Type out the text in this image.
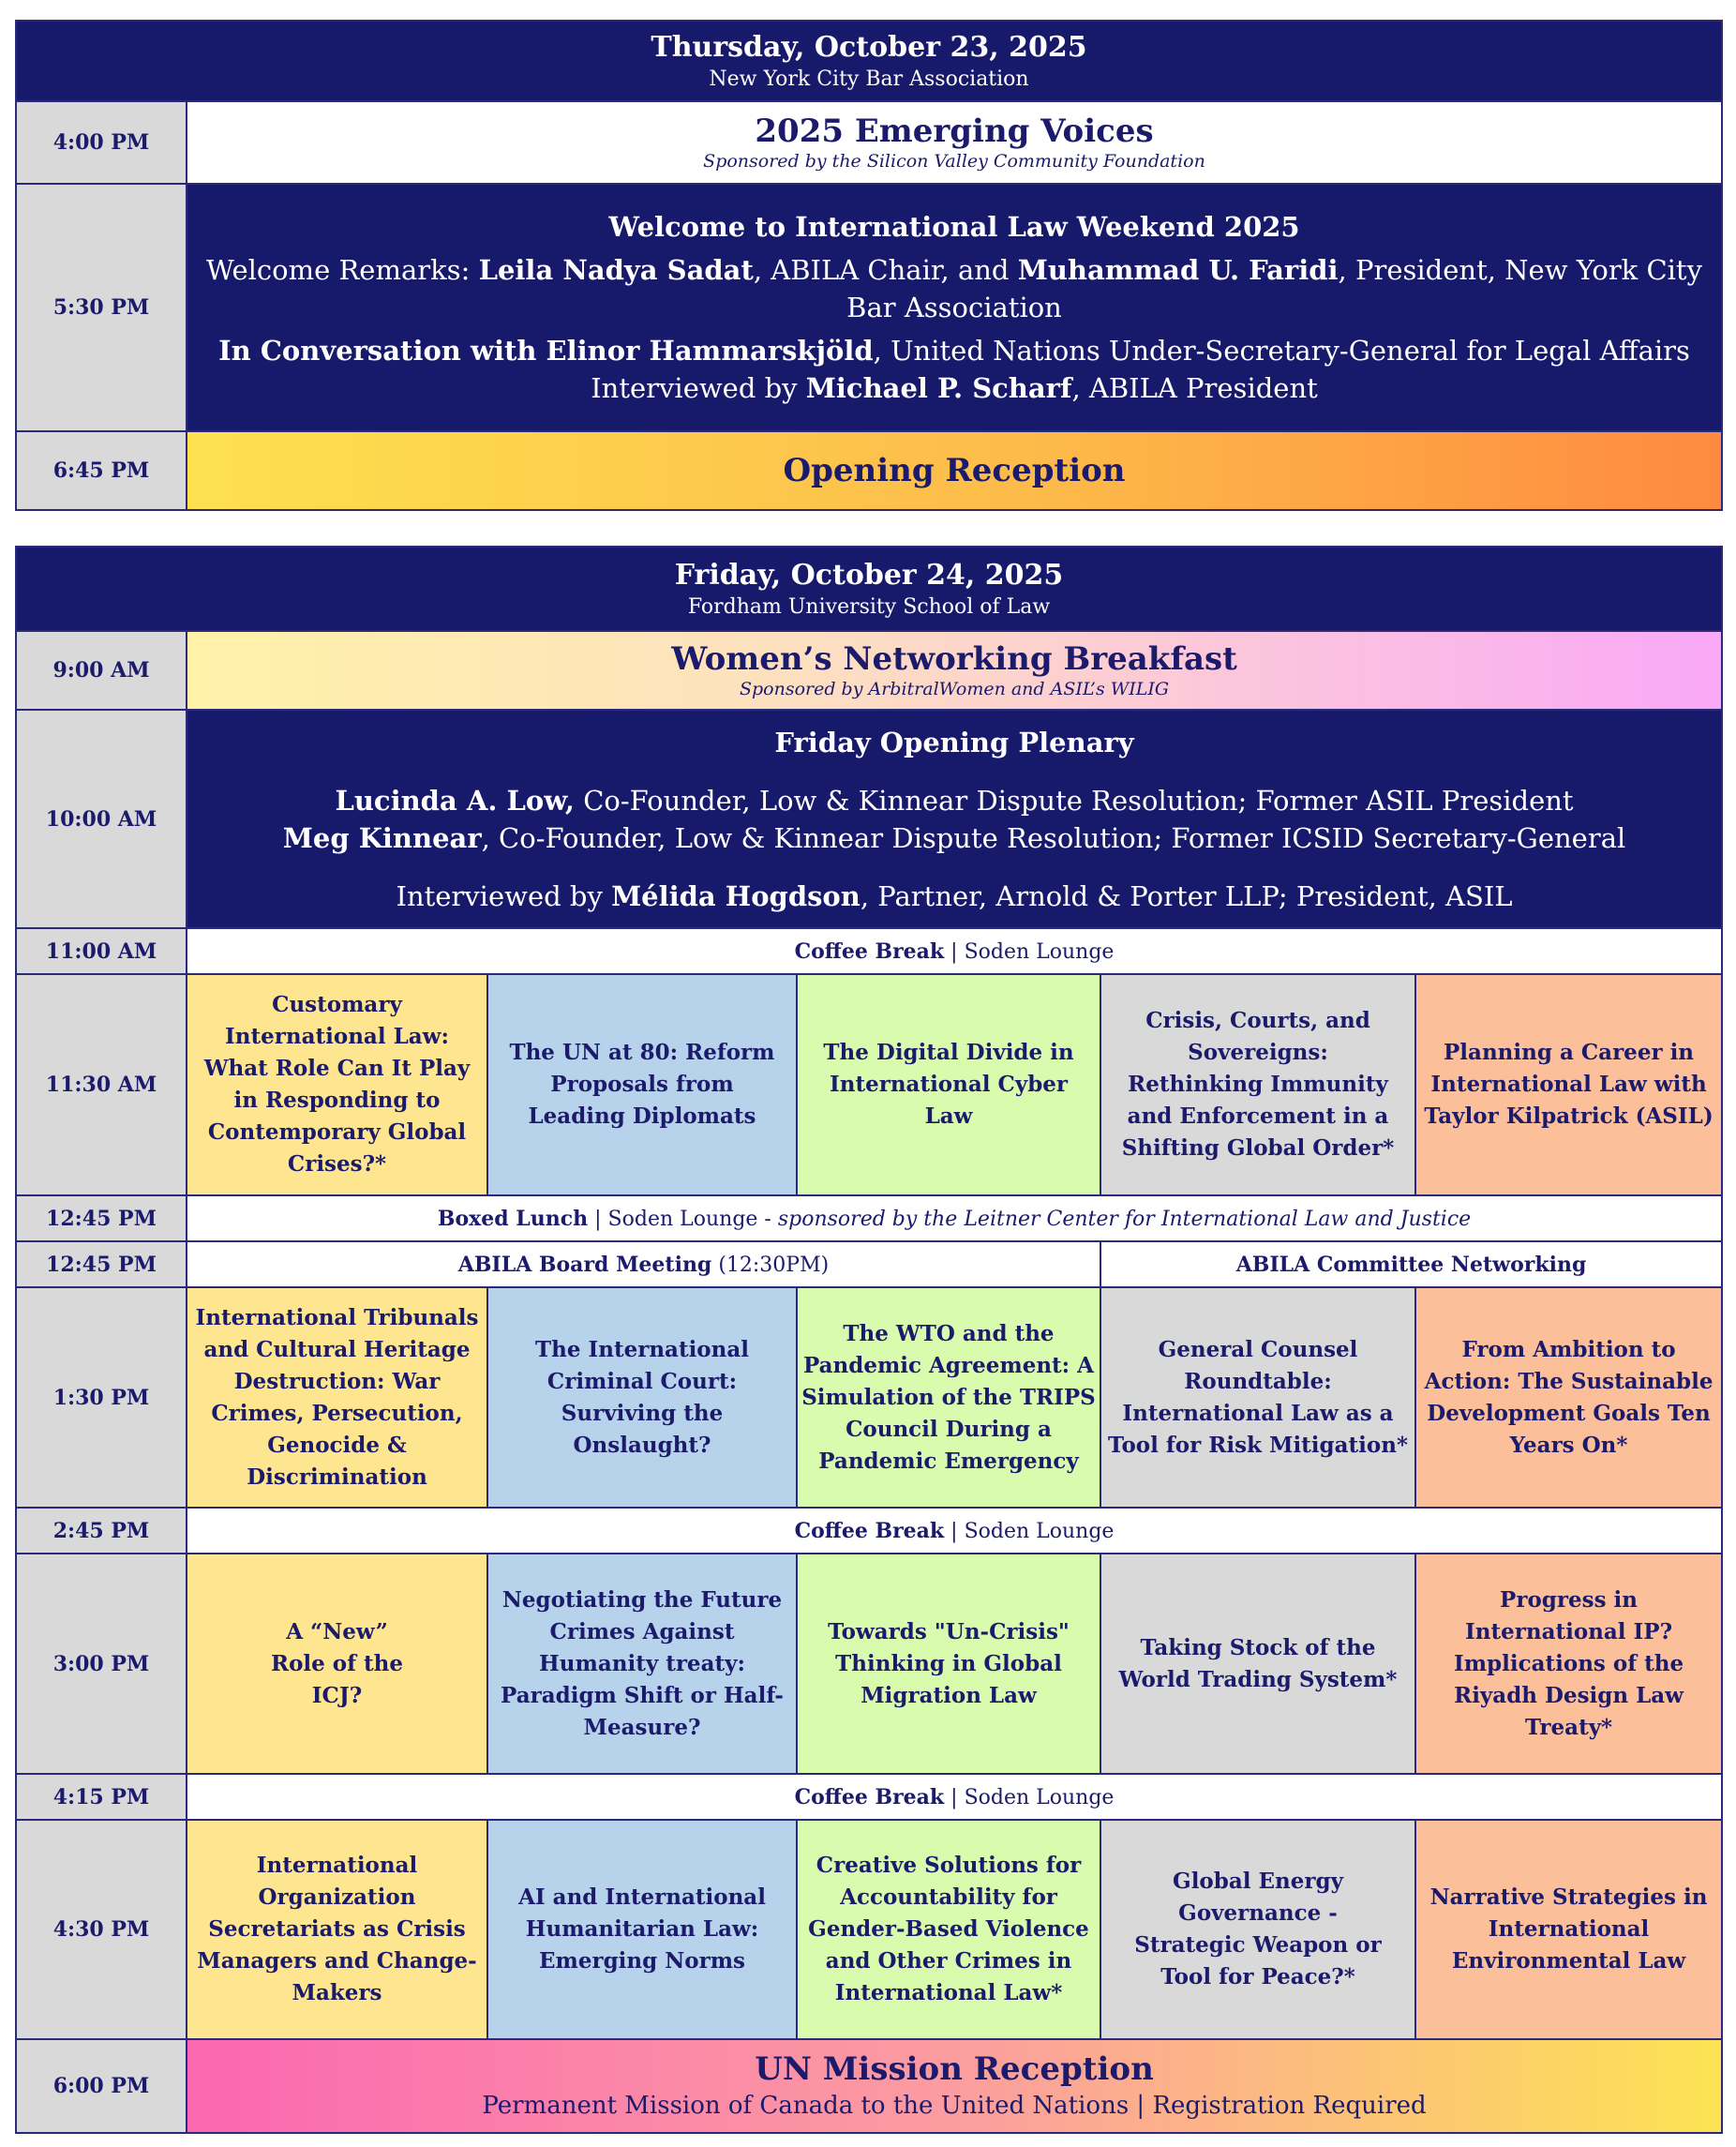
Thursday, October 23, 2025
New York City Bar Association	

4:00 PM	2025 Emerging Voices
Sponsored by the Silicon Valley Community Foundation

5:30 PM	Welcome to International Law Weekend 2025
Welcome Remarks: Leila Nadya Sadat, ABILA Chair, and Muhammad U. Faridi, President, New York City Bar Association
In Conversation with Elinor Hammarskjöld, United Nations Under-Secretary-General for Legal Affairs
Interviewed by Michael P. Scharf, ABILA President

6:45 PM	Opening Reception
Friday, October 24, 2025
Fordham University School of Law					

9:00 AM	Women’s Networking Breakfast
Sponsored by ArbitralWomen and ASIL’s WILIG				

10:00 AM	Friday Opening Plenary
Lucinda A. Low, Co-Founder, Low & Kinnear Dispute Resolution; Former ASIL President
Meg Kinnear, Co-Founder, Low & Kinnear Dispute Resolution; Former ICSID Secretary-General
Interviewed by Mélida Hogdson, Partner, Arnold & Porter LLP; President, ASIL				

11:00 AM	Coffee Break | Soden Lounge				
11:30 AM	Customary International Law: What Role Can It Play in Responding to Contemporary Global Crises?*	The UN at 80: Reform Proposals from Leading Diplomats	The Digital Divide in International Cyber Law	Crisis, Courts, and Sovereigns: Rethinking Immunity and Enforcement in a Shifting Global Order*	Planning a Career in International Law with Taylor Kilpatrick (ASIL)
12:45 PM	Boxed Lunch | Soden Lounge - sponsored by the Leitner Center for International Law and Justice				
12:45 PM	ABILA Board Meeting (12:30PM)			ABILA Committee Networking	
1:30 PM	International Tribunals and Cultural Heritage Destruction: War Crimes, Persecution, Genocide & Discrimination	The International Criminal Court: Surviving the Onslaught?	The WTO and the Pandemic Agreement: A Simulation of the TRIPS Council During a Pandemic Emergency	General Counsel Roundtable: International Law as a Tool for Risk Mitigation*	From Ambition to Action: The Sustainable Development Goals Ten Years On*
2:45 PM	Coffee Break | Soden Lounge				
3:00 PM	A “New” Role of the ICJ?	Negotiating the Future Crimes Against Humanity treaty: Paradigm Shift or Half-Measure?	Towards "Un-Crisis" Thinking in Global Migration Law	Taking Stock of the World Trading System*	Progress in International IP? Implications of the Riyadh Design Law Treaty*
4:15 PM	Coffee Break | Soden Lounge				
4:30 PM	International Organization Secretariats as Crisis Managers and Change-Makers	AI and International Humanitarian Law: Emerging Norms	Creative Solutions for Accountability for Gender-Based Violence and Other Crimes in International Law*	Global Energy Governance - Strategic Weapon or Tool for Peace?*	Narrative Strategies in International Environmental Law
6:00 PM	UN Mission Reception
Permanent Mission of Canada to the United Nations | Registration Required				
